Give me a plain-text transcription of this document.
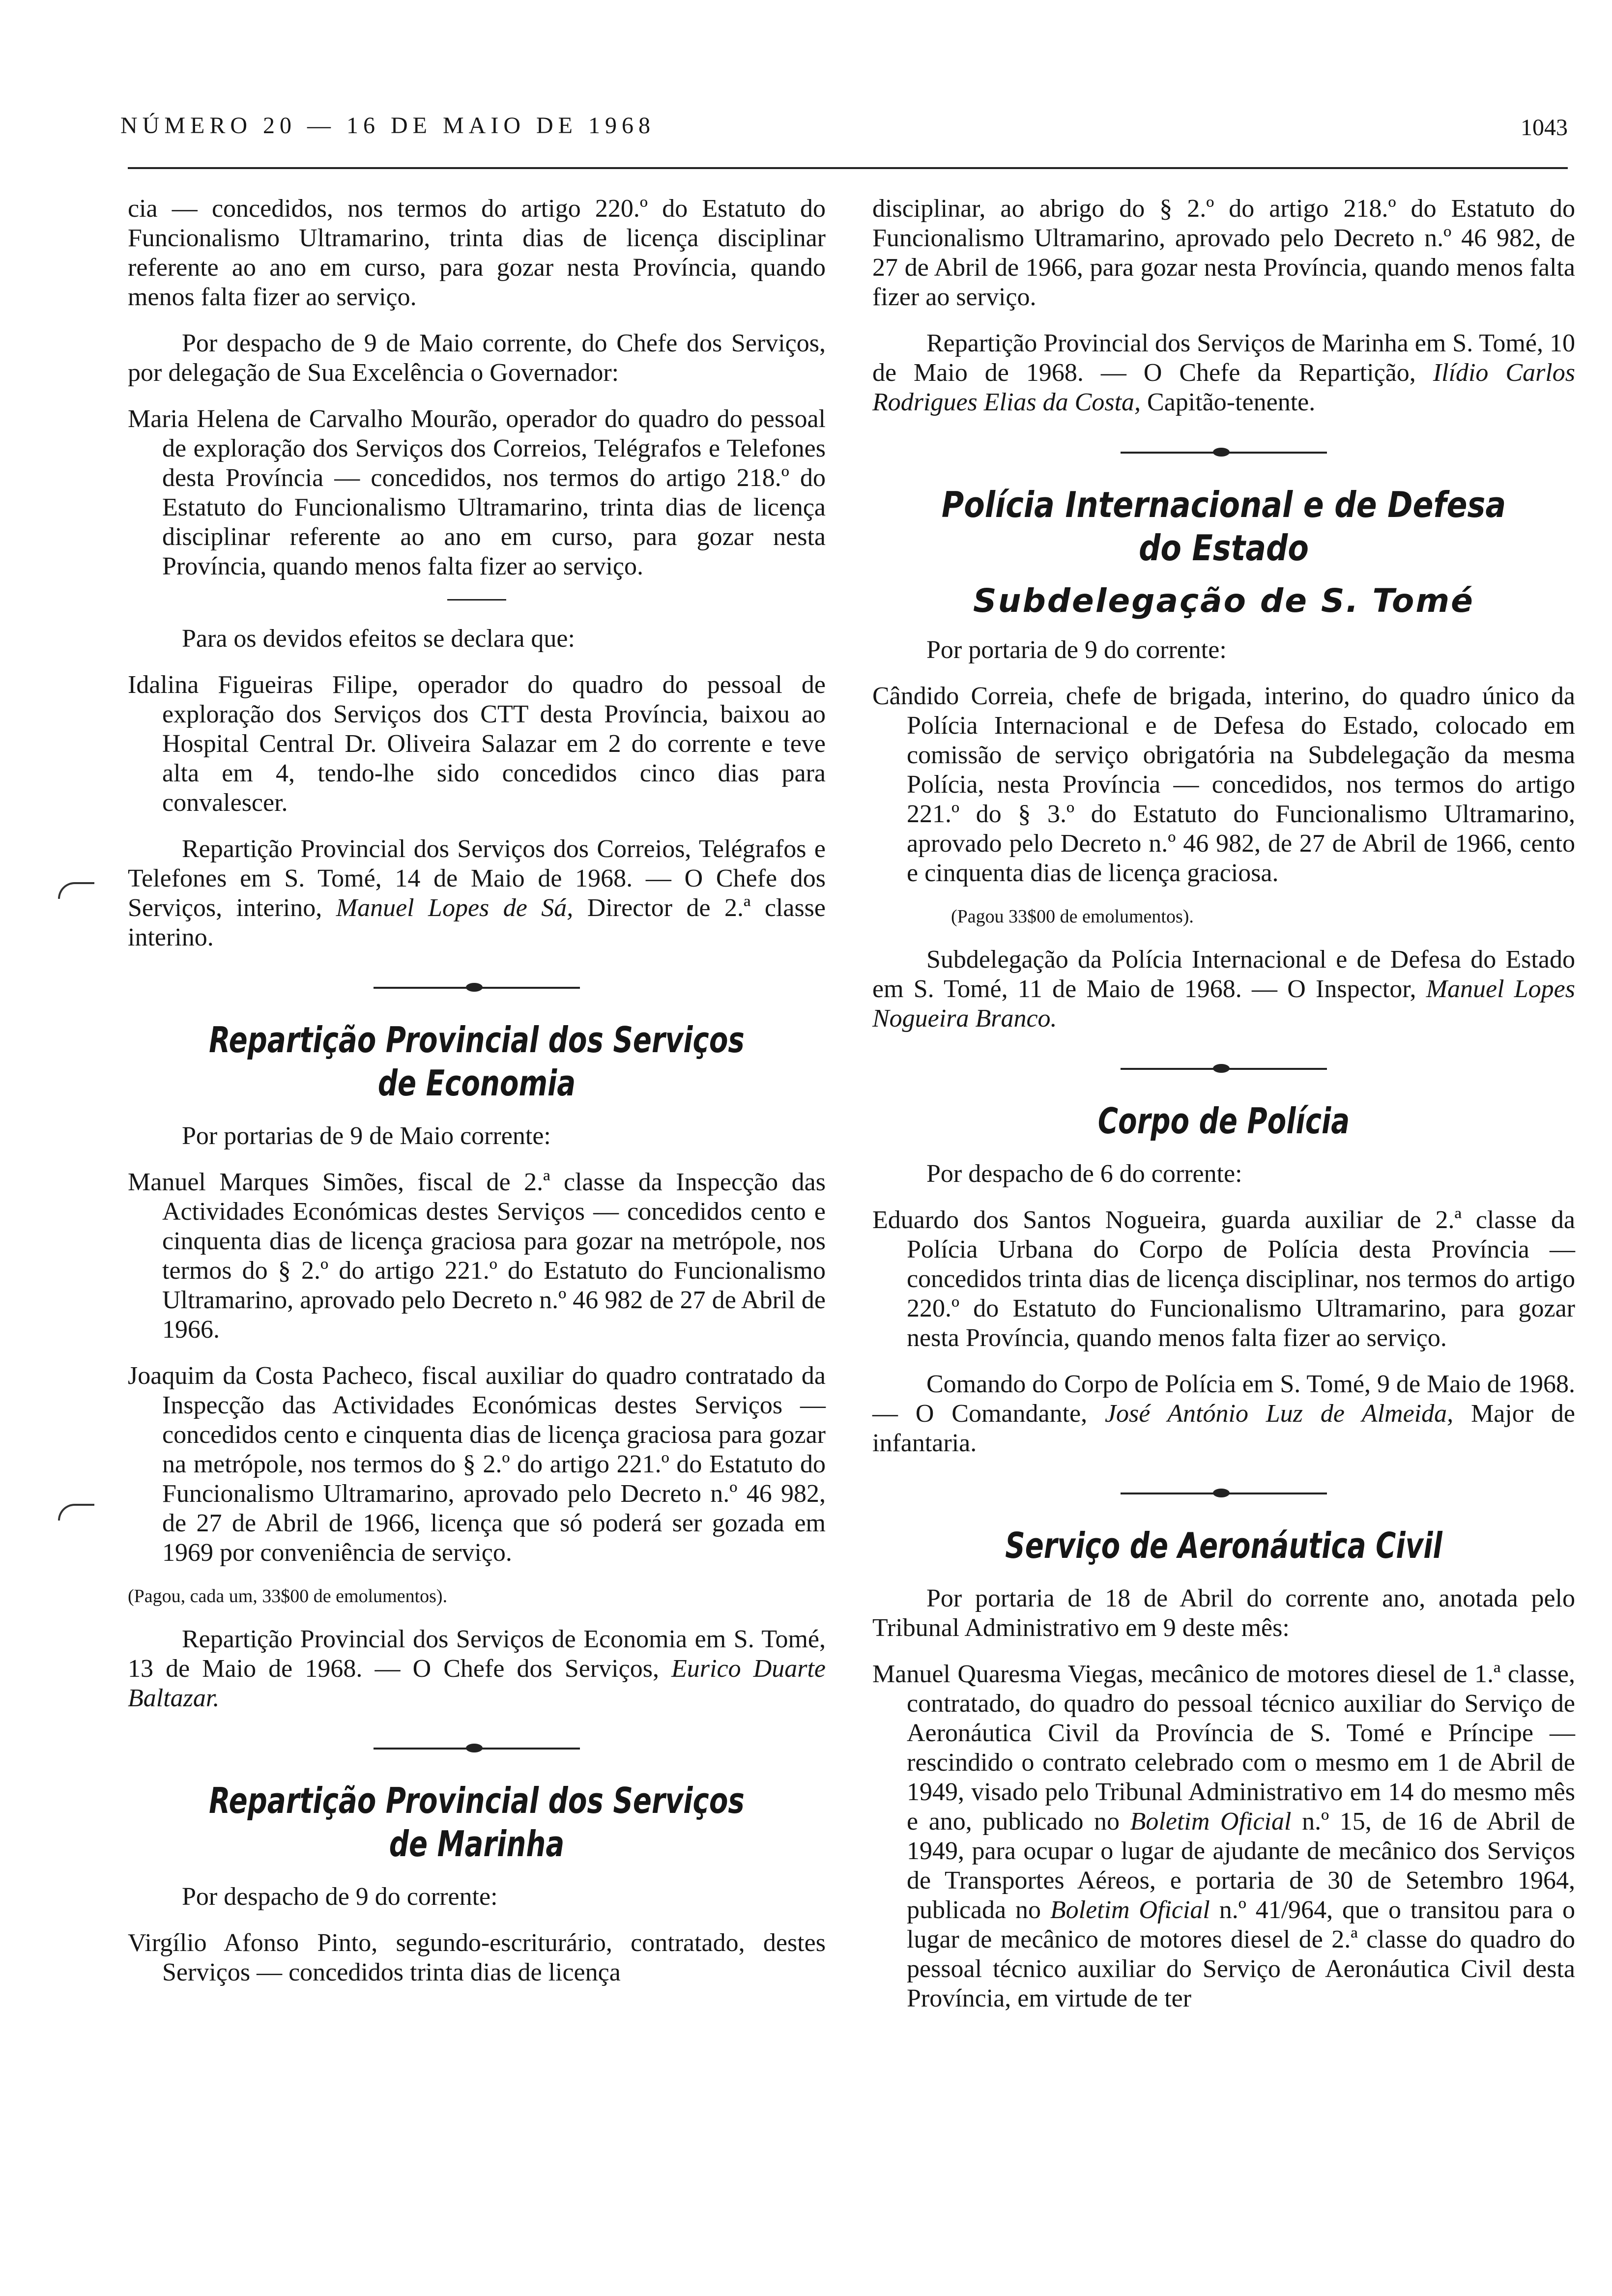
NÚMERO 20 — 16 DE MAIO DE 1968	1043

cia — concedidos, nos termos do artigo 220.º do Estatuto do Funcionalismo Ultramarino, trinta dias de licença disciplinar referente ao ano em curso, para gozar nesta Província, quando menos falta fizer ao serviço.

Por despacho de 9 de Maio corrente, do Chefe dos Serviços, por delegação de Sua Excelência o Governador:

Maria Helena de Carvalho Mourão, operador do quadro do pessoal de exploração dos Serviços dos Correios, Telégrafos e Telefones desta Província — concedidos, nos termos do artigo 218.º do Estatuto do Funcionalismo Ultramarino, trinta dias de licença disciplinar referente ao ano em curso, para gozar nesta Província, quando menos falta fizer ao serviço.

Para os devidos efeitos se declara que:

Idalina Figueiras Filipe, operador do quadro do pessoal de exploração dos Serviços dos CTT desta Província, baixou ao Hospital Central Dr. Oliveira Salazar em 2 do corrente e teve alta em 4, tendo-lhe sido concedidos cinco dias para convalescer.

Repartição Provincial dos Serviços dos Correios, Telégrafos e Telefones em S. Tomé, 14 de Maio de 1968. — O Chefe dos Serviços, interino, Manuel Lopes de Sá, Director de 2.ª classe interino.

Repartição Provincial dos Serviços
de Economia

Por portarias de 9 de Maio corrente:

Manuel Marques Simões, fiscal de 2.ª classe da Inspecção das Actividades Económicas destes Serviços — concedidos cento e cinquenta dias de licença graciosa para gozar na metrópole, nos termos do § 2.º do artigo 221.º do Estatuto do Funcionalismo Ultramarino, aprovado pelo Decreto n.º 46 982 de 27 de Abril de 1966.

Joaquim da Costa Pacheco, fiscal auxiliar do quadro contratado da Inspecção das Actividades Económicas destes Serviços — concedidos cento e cinquenta dias de licença graciosa para gozar na metrópole, nos termos do § 2.º do artigo 221.º do Estatuto do Funcionalismo Ultramarino, aprovado pelo Decreto n.º 46 982, de 27 de Abril de 1966, licença que só poderá ser gozada em 1969 por conveniência de serviço.

(Pagou, cada um, 33$00 de emolumentos).

Repartição Provincial dos Serviços de Economia em S. Tomé, 13 de Maio de 1968. — O Chefe dos Serviços, Eurico Duarte Baltazar.

Repartição Provincial dos Serviços
de Marinha

Por despacho de 9 do corrente:

Virgílio Afonso Pinto, segundo-escriturário, contratado, destes Serviços — concedidos trinta dias de licença

disciplinar, ao abrigo do § 2.º do artigo 218.º do Estatuto do Funcionalismo Ultramarino, aprovado pelo Decreto n.º 46 982, de 27 de Abril de 1966, para gozar nesta Província, quando menos falta fizer ao serviço.

Repartição Provincial dos Serviços de Marinha em S. Tomé, 10 de Maio de 1968. — O Chefe da Repartição, Ilídio Carlos Rodrigues Elias da Costa, Capitão-tenente.

Polícia Internacional e de Defesa do Estado
Subdelegação de S. Tomé

Por portaria de 9 do corrente:

Cândido Correia, chefe de brigada, interino, do quadro único da Polícia Internacional e de Defesa do Estado, colocado em comissão de serviço obrigatória na Subdelegação da mesma Polícia, nesta Província — concedidos, nos termos do artigo 221.º do § 3.º do Estatuto do Funcionalismo Ultramarino, aprovado pelo Decreto n.º 46 982, de 27 de Abril de 1966, cento e cinquenta dias de licença graciosa.

(Pagou 33$00 de emolumentos).

Subdelegação da Polícia Internacional e de Defesa do Estado em S. Tomé, 11 de Maio de 1968. — O Inspector, Manuel Lopes Nogueira Branco.

Corpo de Polícia

Por despacho de 6 do corrente:

Eduardo dos Santos Nogueira, guarda auxiliar de 2.ª classe da Polícia Urbana do Corpo de Polícia desta Província — concedidos trinta dias de licença disciplinar, nos termos do artigo 220.º do Estatuto do Funcionalismo Ultramarino, para gozar nesta Província, quando menos falta fizer ao serviço.

Comando do Corpo de Polícia em S. Tomé, 9 de Maio de 1968. — O Comandante, José António Luz de Almeida, Major de infantaria.

Serviço de Aeronáutica Civil

Por portaria de 18 de Abril do corrente ano, anotada pelo Tribunal Administrativo em 9 deste mês:

Manuel Quaresma Viegas, mecânico de motores diesel de 1.ª classe, contratado, do quadro do pessoal técnico auxiliar do Serviço de Aeronáutica Civil da Província de S. Tomé e Príncipe — rescindido o contrato celebrado com o mesmo em 1 de Abril de 1949, visado pelo Tribunal Administrativo em 14 do mesmo mês e ano, publicado no Boletim Oficial n.º 15, de 16 de Abril de 1949, para ocupar o lugar de ajudante de mecânico dos Serviços de Transportes Aéreos, e portaria de 30 de Setembro 1964, publicada no Boletim Oficial n.º 41/964, que o transitou para o lugar de mecânico de motores diesel de 2.ª classe do quadro do pessoal técnico auxiliar do Serviço de Aeronáutica Civil desta Província, em virtude de ter
